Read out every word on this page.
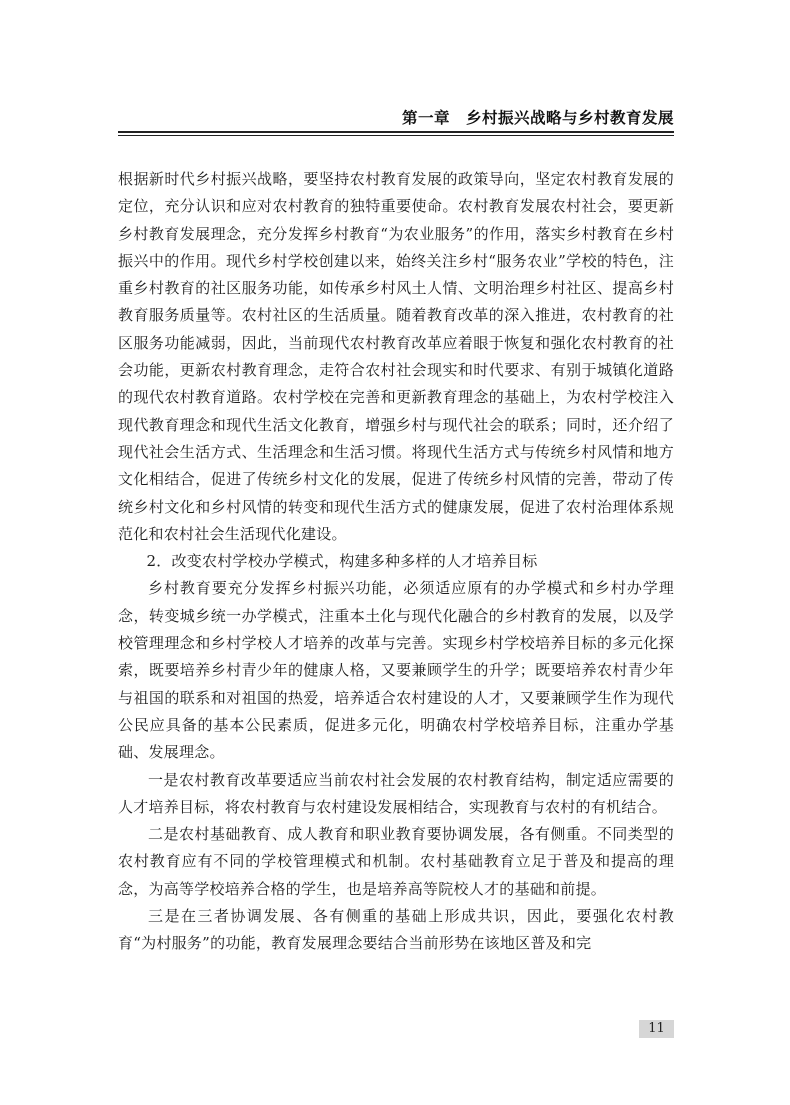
第一章　乡村振兴战略与乡村教育发展

根据新时代乡村振兴战略，要坚持农村教育发展的政策导向，坚定农村教育发展的定位，充分认识和应对农村教育的独特重要使命。农村教育发展农村社会，要更新乡村教育发展理念，充分发挥乡村教育“为农业服务”的作用，落实乡村教育在乡村振兴中的作用。现代乡村学校创建以来，始终关注乡村“服务农业”学校的特色，注重乡村教育的社区服务功能，如传承乡村风土人情、文明治理乡村社区、提高乡村教育服务质量等。农村社区的生活质量。随着教育改革的深入推进，农村教育的社区服务功能减弱，因此，当前现代农村教育改革应着眼于恢复和强化农村教育的社会功能，更新农村教育理念，走符合农村社会现实和时代要求、有别于城镇化道路的现代农村教育道路。农村学校在完善和更新教育理念的基础上，为农村学校注入现代教育理念和现代生活文化教育，增强乡村与现代社会的联系；同时，还介绍了现代社会生活方式、生活理念和生活习惯。将现代生活方式与传统乡村风情和地方文化相结合，促进了传统乡村文化的发展，促进了传统乡村风情的完善，带动了传统乡村文化和乡村风情的转变和现代生活方式的健康发展，促进了农村治理体系规范化和农村社会生活现代化建设。

2．改变农村学校办学模式，构建多种多样的人才培养目标

乡村教育要充分发挥乡村振兴功能，必须适应原有的办学模式和乡村办学理念，转变城乡统一办学模式，注重本土化与现代化融合的乡村教育的发展，以及学校管理理念和乡村学校人才培养的改革与完善。实现乡村学校培养目标的多元化探索，既要培养乡村青少年的健康人格，又要兼顾学生的升学；既要培养农村青少年与祖国的联系和对祖国的热爱，培养适合农村建设的人才，又要兼顾学生作为现代公民应具备的基本公民素质，促进多元化，明确农村学校培养目标，注重办学基础、发展理念。

一是农村教育改革要适应当前农村社会发展的农村教育结构，制定适应需要的人才培养目标，将农村教育与农村建设发展相结合，实现教育与农村的有机结合。

二是农村基础教育、成人教育和职业教育要协调发展，各有侧重。不同类型的农村教育应有不同的学校管理模式和机制。农村基础教育立足于普及和提高的理念，为高等学校培养合格的学生，也是培养高等院校人才的基础和前提。

三是在三者协调发展、各有侧重的基础上形成共识，因此，要强化农村教育“为村服务”的功能，教育发展理念要结合当前形势在该地区普及和完

11
